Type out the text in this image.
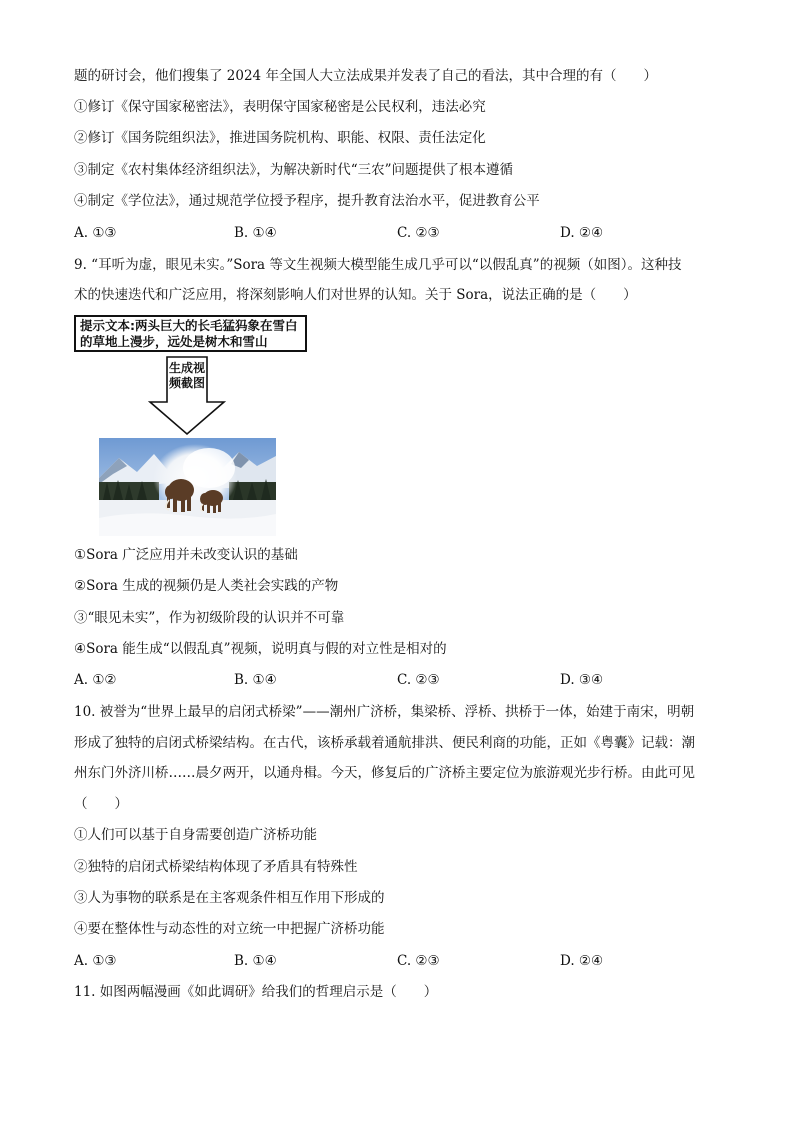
题的研讨会，他们搜集了 2024 年全国人大立法成果并发表了自己的看法，其中合理的有（　　）
①修订《保守国家秘密法》，表明保守国家秘密是公民权利，违法必究
②修订《国务院组织法》，推进国务院机构、职能、权限、责任法定化
③制定《农村集体经济组织法》，为解决新时代“三农”问题提供了根本遵循
④制定《学位法》，通过规范学位授予程序，提升教育法治水平，促进教育公平
A. ①③	B. ①④	C. ②③	D. ②④
9. “耳听为虚，眼见未实。”Sora 等文生视频大模型能生成几乎可以“以假乱真”的视频（如图）。这种技
术的快速迭代和广泛应用，将深刻影响人们对世界的认知。关于 Sora，说法正确的是（　　）
提示文本:两头巨大的长毛猛犸象在雪白的草地上漫步，远处是树木和雪山
生成视频截图
①Sora 广泛应用并未改变认识的基础
②Sora 生成的视频仍是人类社会实践的产物
③“眼见未实”，作为初级阶段的认识并不可靠
④Sora 能生成“以假乱真”视频，说明真与假的对立性是相对的
A. ①②	B. ①④	C. ②③	D. ③④
10. 被誉为“世界上最早的启闭式桥梁”——潮州广济桥，集梁桥、浮桥、拱桥于一体，始建于南宋，明朝
形成了独特的启闭式桥梁结构。在古代，该桥承载着通航排洪、便民利商的功能，正如《粤囊》记载：潮
州东门外济川桥……晨夕两开，以通舟楫。今天，修复后的广济桥主要定位为旅游观光步行桥。由此可见
（　　）
①人们可以基于自身需要创造广济桥功能
②独特的启闭式桥梁结构体现了矛盾具有特殊性
③人为事物的联系是在主客观条件相互作用下形成的
④要在整体性与动态性的对立统一中把握广济桥功能
A. ①③	B. ①④	C. ②③	D. ②④
11. 如图两幅漫画《如此调研》给我们的哲理启示是（　　）
